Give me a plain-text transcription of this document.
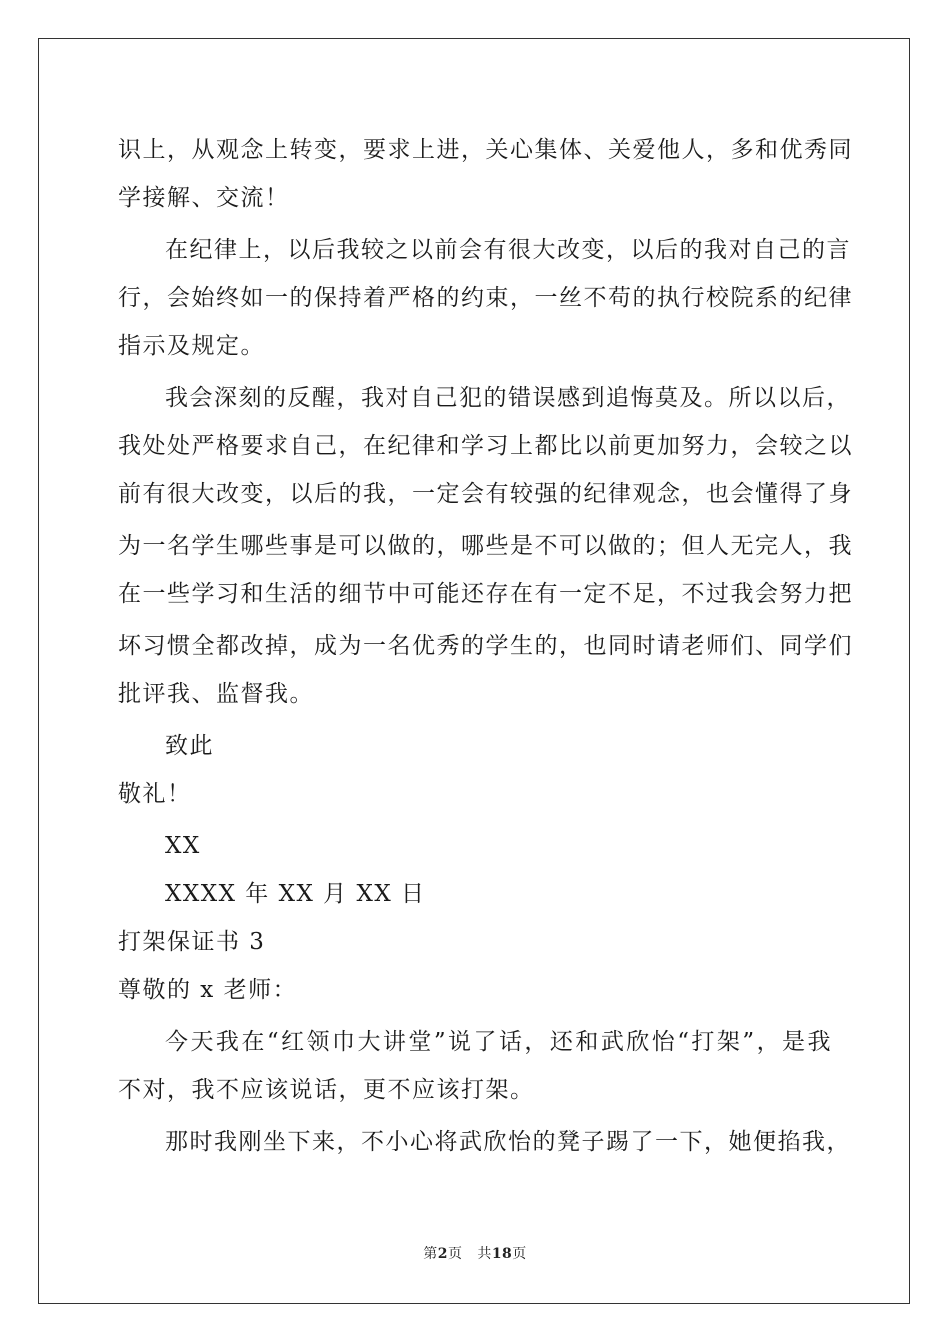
识上，从观念上转变，要求上进，关心集体、关爱他人，多和优秀同
学接解、交流！
在纪律上，以后我较之以前会有很大改变，以后的我对自己的言
行，会始终如一的保持着严格的约束，一丝不苟的执行校院系的纪律
指示及规定。
我会深刻的反醒，我对自己犯的错误感到追悔莫及。所以以后，
我处处严格要求自己，在纪律和学习上都比以前更加努力，会较之以
前有很大改变，以后的我，一定会有较强的纪律观念，也会懂得了身
为一名学生哪些事是可以做的，哪些是不可以做的；但人无完人，我
在一些学习和生活的细节中可能还存在有一定不足，不过我会努力把
坏习惯全都改掉，成为一名优秀的学生的，也同时请老师们、同学们
批评我、监督我。
致此
敬礼！
XX
XXXX 年 XX 月 XX 日
打架保证书 3
尊敬的 x 老师：
今天我在“红领巾大讲堂”说了话，还和武欣怡“打架”，是我
不对，我不应该说话，更不应该打架。
那时我刚坐下来，不小心将武欣怡的凳子踢了一下，她便掐我，
第2页 共18页
